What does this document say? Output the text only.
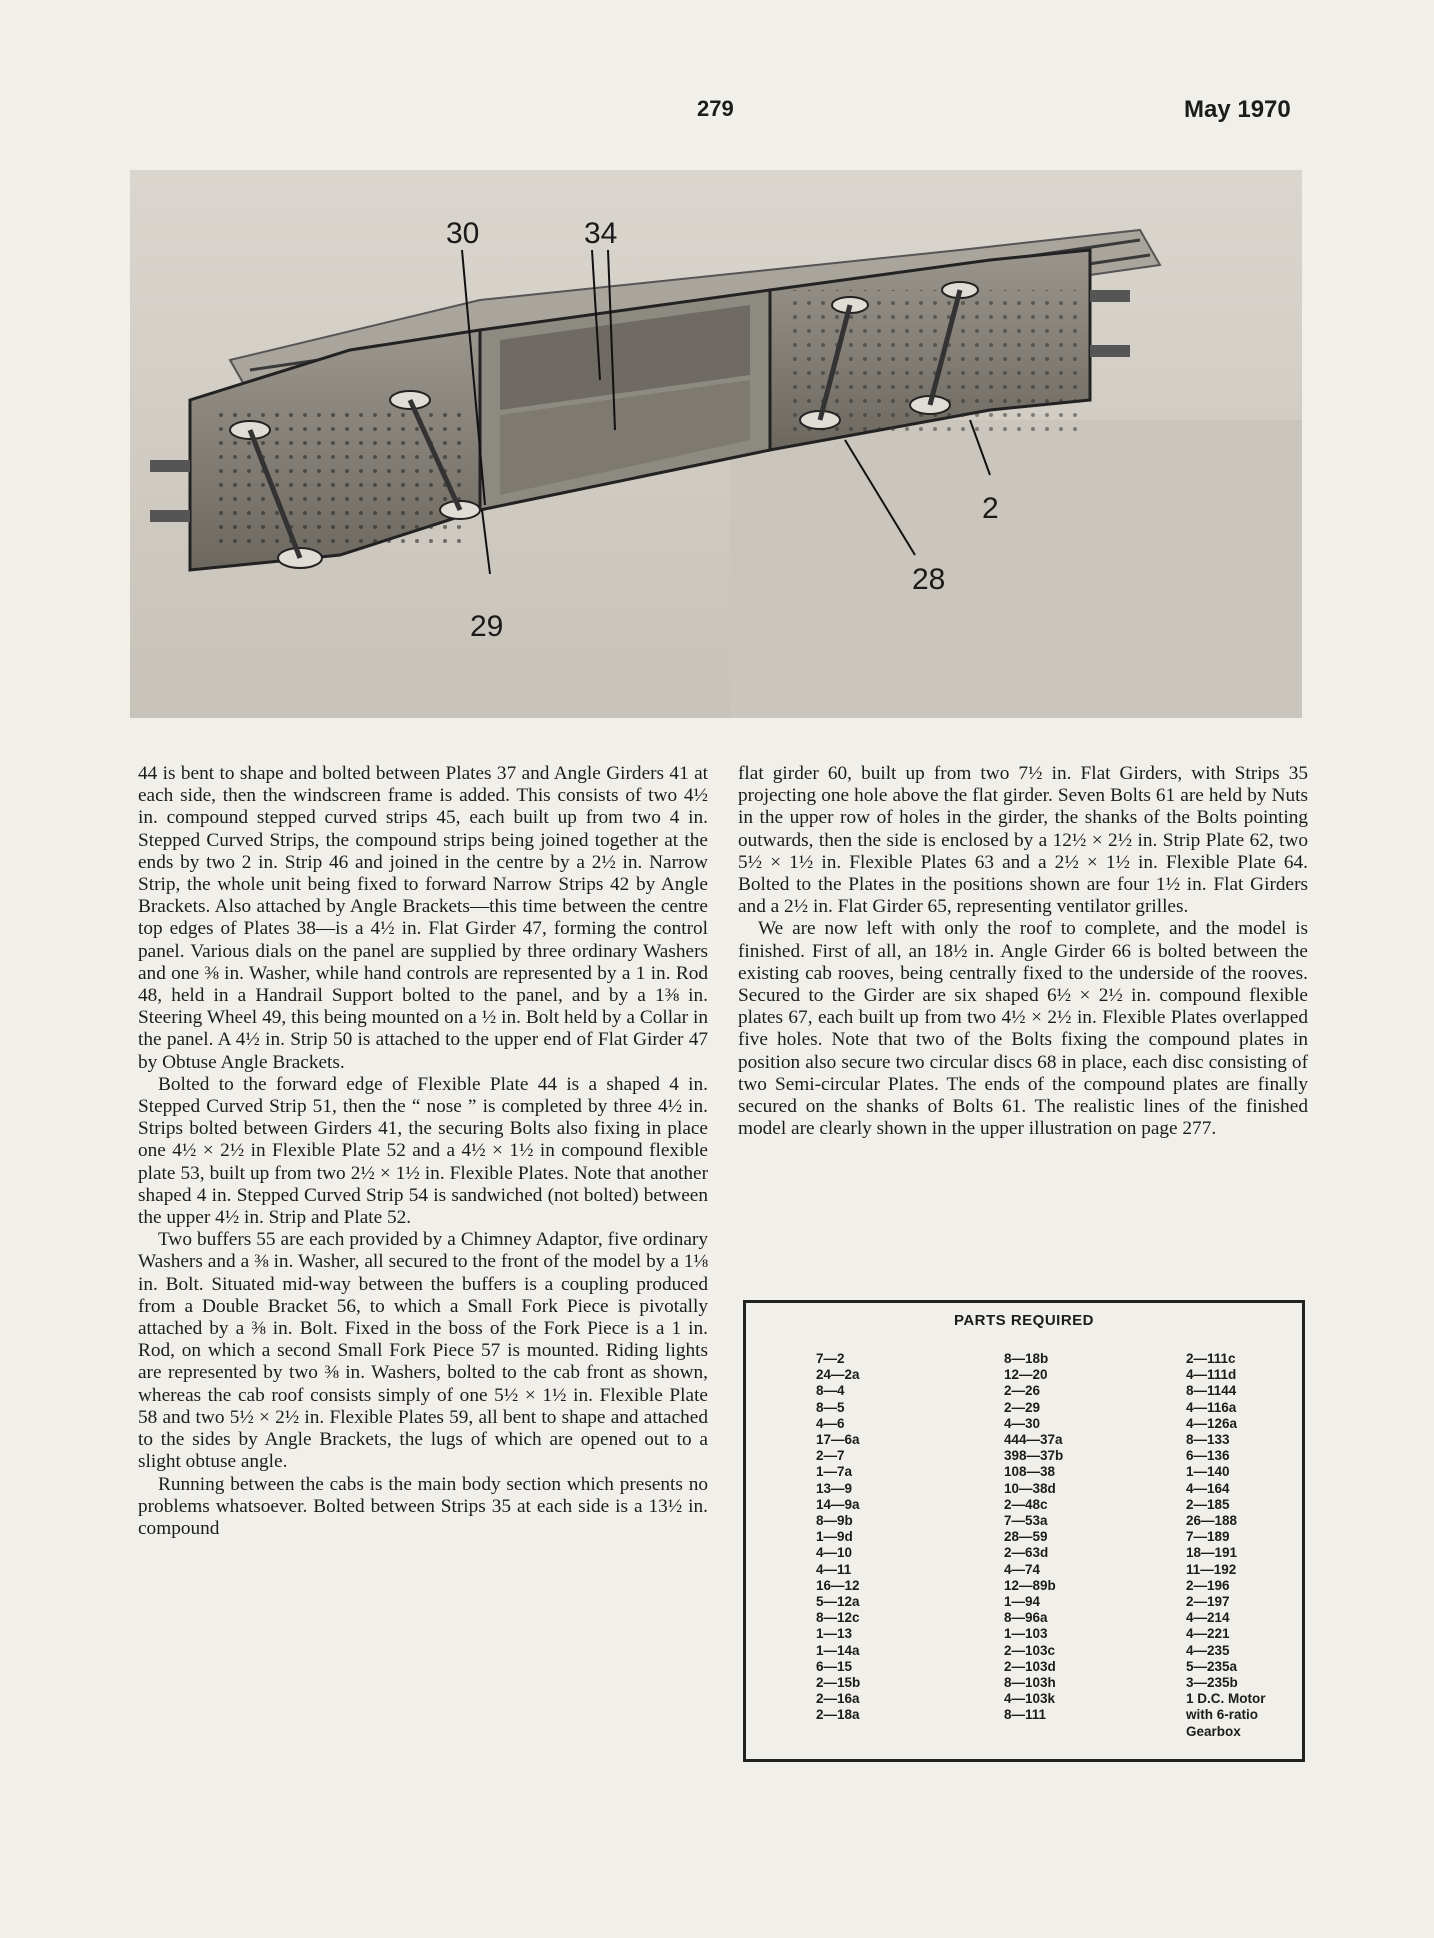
279	May 1970
30	34
2
28
29

44 is bent to shape and bolted between Plates 37 and Angle Girders 41 at each side, then the windscreen frame is added. This consists of two 4½ in. compound stepped curved strips 45, each built up from two 4 in. Stepped Curved Strips, the compound strips being joined together at the ends by two 2 in. Strip 46 and joined in the centre by a 2½ in. Narrow Strip, the whole unit being fixed to forward Narrow Strips 42 by Angle Brackets. Also attached by Angle Brackets—this time between the centre top edges of Plates 38—is a 4½ in. Flat Girder 47, forming the control panel. Various dials on the panel are supplied by three ordinary Washers and one ⅜ in. Washer, while hand controls are represented by a 1 in. Rod 48, held in a Handrail Support bolted to the panel, and by a 1⅜ in. Steering Wheel 49, this being mounted on a ½ in. Bolt held by a Collar in the panel. A 4½ in. Strip 50 is attached to the upper end of Flat Girder 47 by Obtuse Angle Brackets.

Bolted to the forward edge of Flexible Plate 44 is a shaped 4 in. Stepped Curved Strip 51, then the “ nose ” is completed by three 4½ in. Strips bolted between Girders 41, the securing Bolts also fixing in place one 4½ × 2½ in Flexible Plate 52 and a 4½ × 1½ in compound flexible plate 53, built up from two 2½ × 1½ in. Flexible Plates. Note that another shaped 4 in. Stepped Curved Strip 54 is sandwiched (not bolted) between the upper 4½ in. Strip and Plate 52.

Two buffers 55 are each provided by a Chimney Adaptor, five ordinary Washers and a ⅜ in. Washer, all secured to the front of the model by a 1⅛ in. Bolt. Situated mid-way between the buffers is a coupling produced from a Double Bracket 56, to which a Small Fork Piece is pivotally attached by a ⅜ in. Bolt. Fixed in the boss of the Fork Piece is a 1 in. Rod, on which a second Small Fork Piece 57 is mounted. Riding lights are represented by two ⅜ in. Washers, bolted to the cab front as shown, whereas the cab roof consists simply of one 5½ × 1½ in. Flexible Plate 58 and two 5½ × 2½ in. Flexible Plates 59, all bent to shape and attached to the sides by Angle Brackets, the lugs of which are opened out to a slight obtuse angle.

Running between the cabs is the main body section which presents no problems whatsoever. Bolted between Strips 35 at each side is a 13½ in. compound

flat girder 60, built up from two 7½ in. Flat Girders, with Strips 35 projecting one hole above the flat girder. Seven Bolts 61 are held by Nuts in the upper row of holes in the girder, the shanks of the Bolts pointing outwards, then the side is enclosed by a 12½ × 2½ in. Strip Plate 62, two 5½ × 1½ in. Flexible Plates 63 and a 2½ × 1½ in. Flexible Plate 64. Bolted to the Plates in the positions shown are four 1½ in. Flat Girders and a 2½ in. Flat Girder 65, representing ventilator grilles.

We are now left with only the roof to complete, and the model is finished. First of all, an 18½ in. Angle Girder 66 is bolted between the existing cab rooves, being centrally fixed to the underside of the rooves. Secured to the Girder are six shaped 6½ × 2½ in. compound flexible plates 67, each built up from two 4½ × 2½ in. Flexible Plates overlapped five holes. Note that two of the Bolts fixing the compound plates in position also secure two circular discs 68 in place, each disc consisting of two Semi-circular Plates. The ends of the compound plates are finally secured on the shanks of Bolts 61. The realistic lines of the finished model are clearly shown in the upper illustration on page 277.

PARTS REQUIRED
7—2
24—2a
8—4
8—5
4—6
17—6a
2—7
1—7a
13—9
14—9a
8—9b
1—9d
4—10
4—11
16—12
5—12a
8—12c
1—13
1—14a
6—15
2—15b
2—16a
2—18a
8—18b
12—20
2—26
2—29
4—30
444—37a
398—37b
108—38
10—38d
2—48c
7—53a
28—59
2—63d
4—74
12—89b
1—94
8—96a
1—103
2—103c
2—103d
8—103h
4—103k
8—111
2—111c
4—111d
8—1144
4—116a
4—126a
8—133
6—136
1—140
4—164
2—185
26—188
7—189
18—191
11—192
2—196
2—197
4—214
4—221
4—235
5—235a
3—235b
1 D.C. Motor
with 6-ratio
Gearbox
